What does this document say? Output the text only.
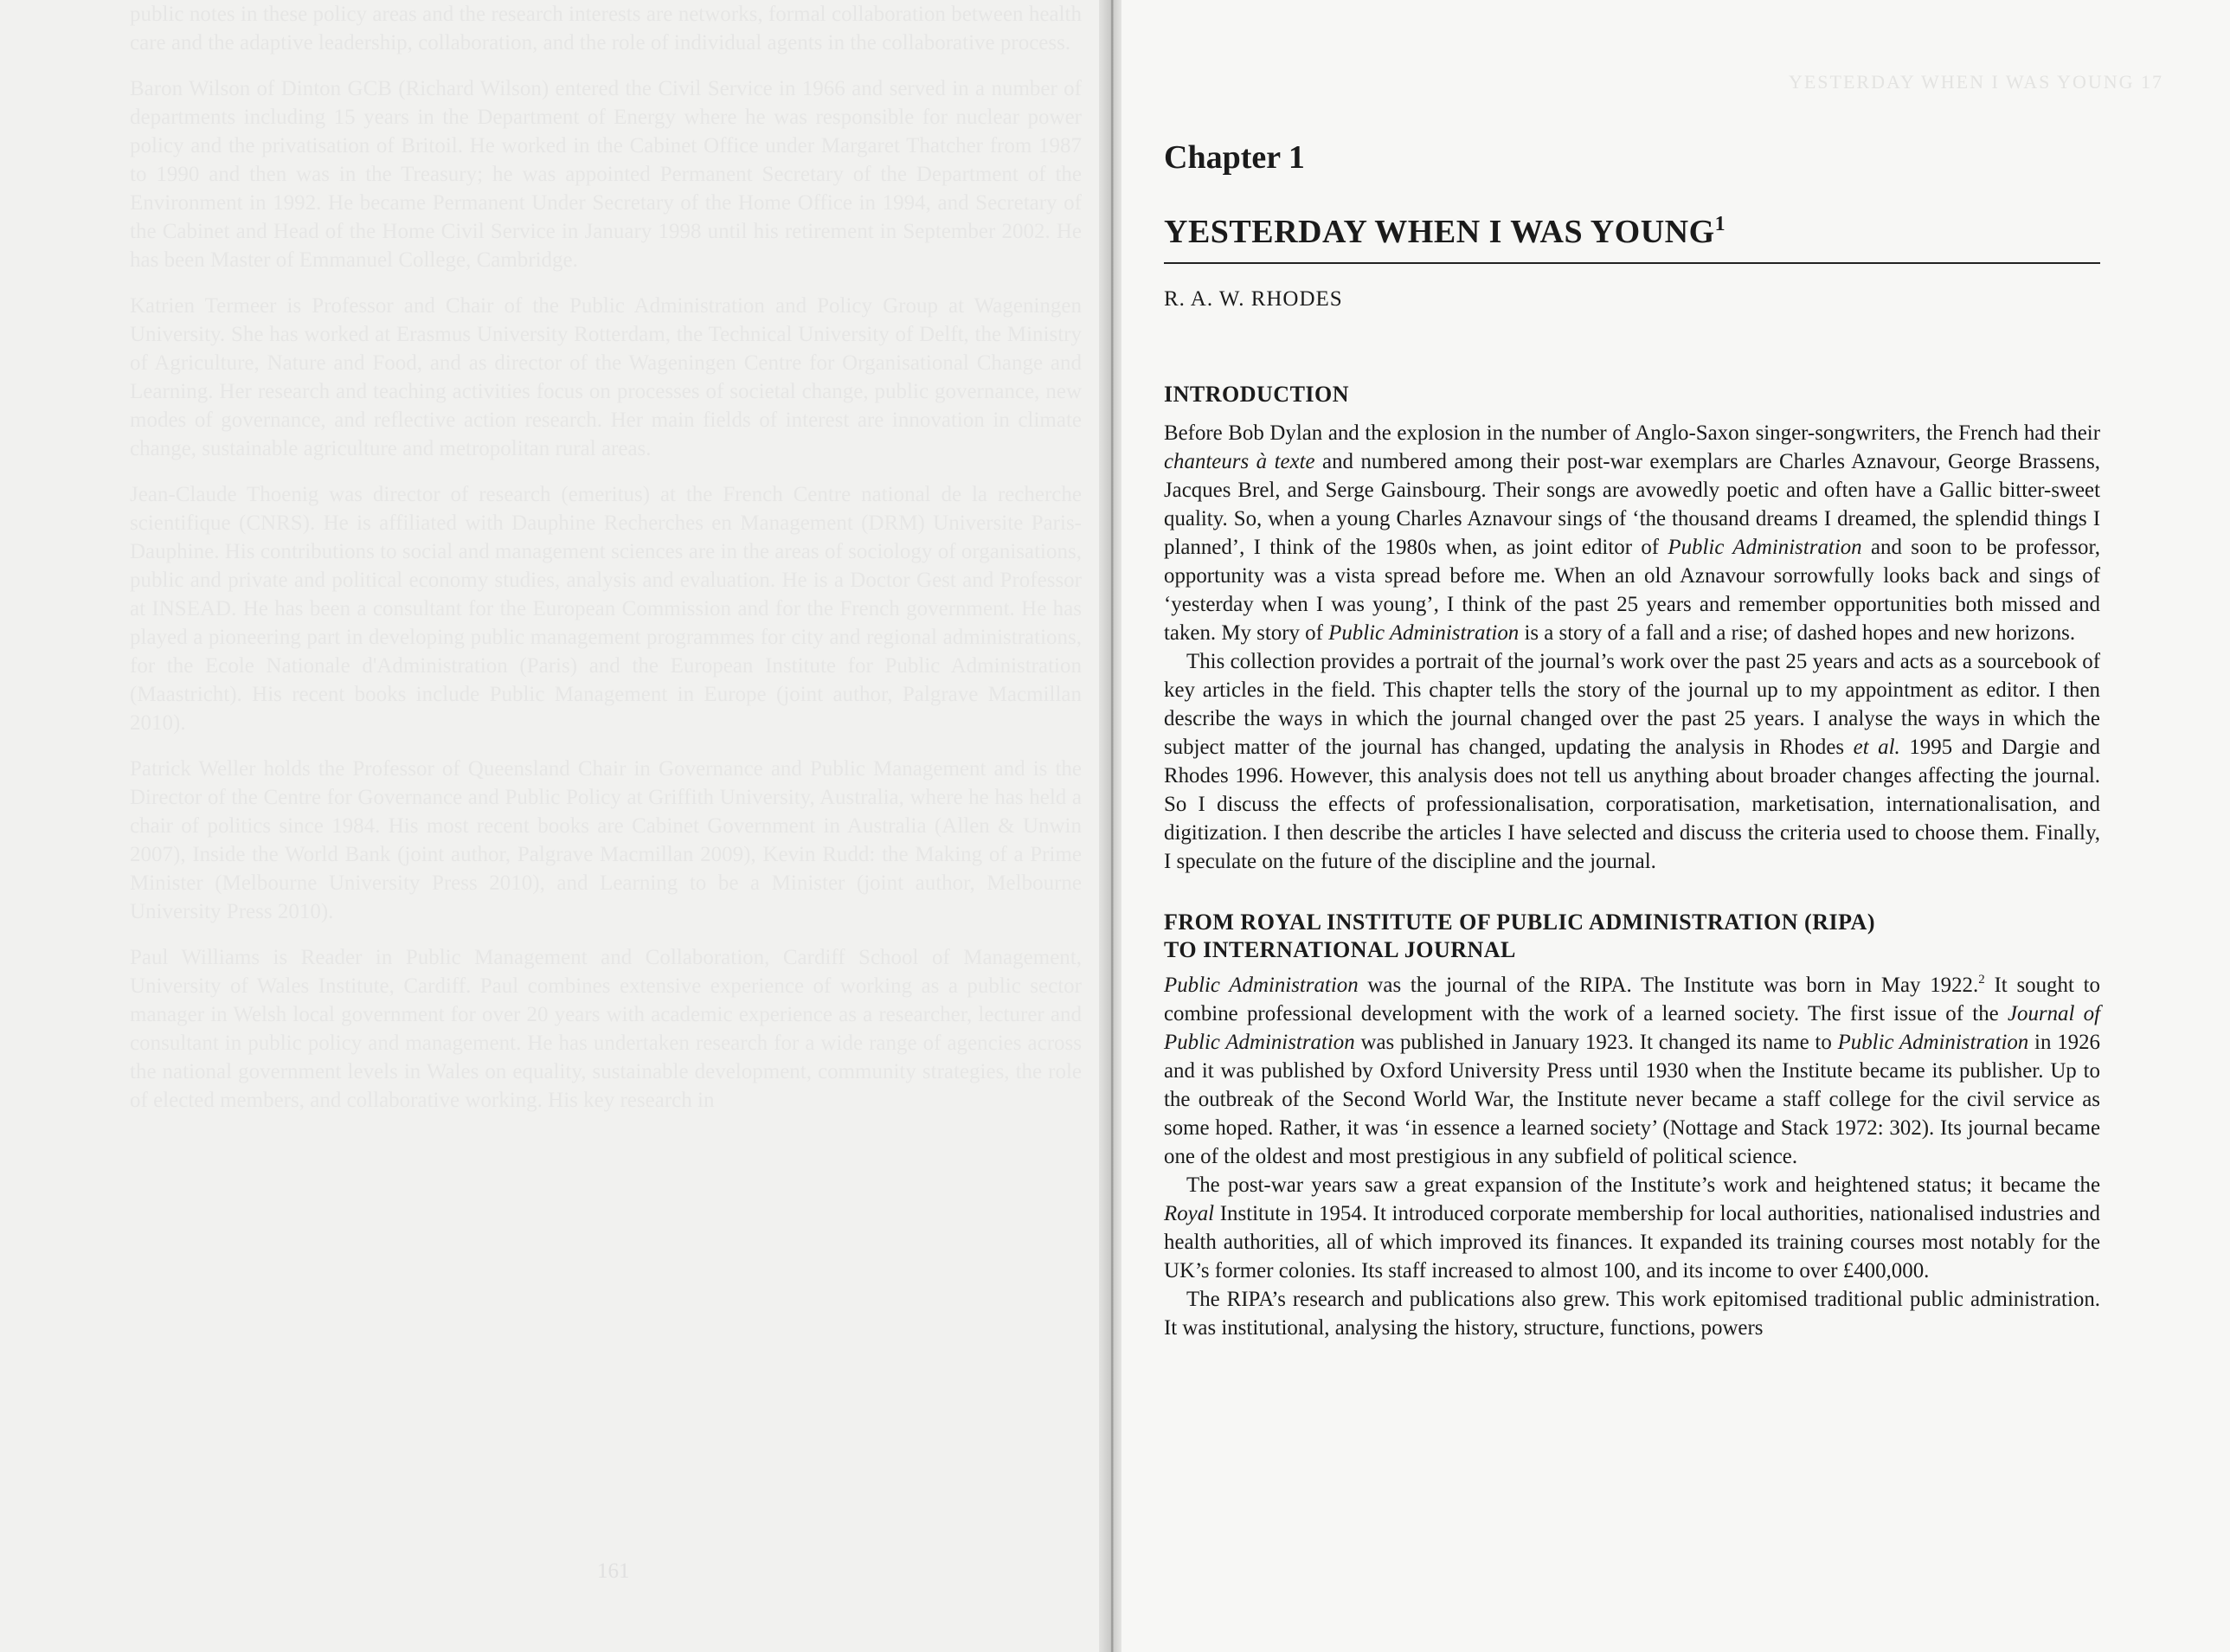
public notes in these policy areas and the research interests are networks, formal collaboration between health care and the adaptive leadership, collaboration, and the role of individual agents in the collaborative process.

Baron Wilson of Dinton GCB (Richard Wilson) entered the Civil Service in 1966 and served in a number of departments including 15 years in the Department of Energy where he was responsible for nuclear power policy and the privatisation of Britoil. He worked in the Cabinet Office under Margaret Thatcher from 1987 to 1990 and then was in the Treasury; he was appointed Permanent Secretary of the Department of the Environment in 1992. He became Permanent Under Secretary of the Home Office in 1994, and Secretary of the Cabinet and Head of the Home Civil Service in January 1998 until his retirement in September 2002. He has been Master of Emmanuel College, Cambridge.

Katrien Termeer is Professor and Chair of the Public Administration and Policy Group at Wageningen University. She has worked at Erasmus University Rotterdam, the Technical University of Delft, the Ministry of Agriculture, Nature and Food, and as director of the Wageningen Centre for Organisational Change and Learning. Her research and teaching activities focus on processes of societal change, public governance, new modes of governance, and reflective action research. Her main fields of interest are innovation in climate change, sustainable agriculture and metropolitan rural areas.

Jean-Claude Thoenig was director of research (emeritus) at the French Centre national de la recherche scientifique (CNRS). He is affiliated with Dauphine Recherches en Management (DRM) Universite Paris-Dauphine. His contributions to social and management sciences are in the areas of sociology of organisations, public and private and political economy studies, analysis and evaluation. He is a Doctor Gest and Professor at INSEAD. He has been a consultant for the European Commission and for the French government. He has played a pioneering part in developing public management programmes for city and regional administrations, for the Ecole Nationale d'Administration (Paris) and the European Institute for Public Administration (Maastricht). His recent books include Public Management in Europe (joint author, Palgrave Macmillan 2010).

Patrick Weller holds the Professor of Queensland Chair in Governance and Public Management and is the Director of the Centre for Governance and Public Policy at Griffith University, Australia, where he has held a chair of politics since 1984. His most recent books are Cabinet Government in Australia (Allen & Unwin 2007), Inside the World Bank (joint author, Palgrave Macmillan 2009), Kevin Rudd: the Making of a Prime Minister (Melbourne University Press 2010), and Learning to be a Minister (joint author, Melbourne University Press 2010).

Paul Williams is Reader in Public Management and Collaboration, Cardiff School of Management, University of Wales Institute, Cardiff. Paul combines extensive experience of working as a public sector manager in Welsh local government for over 20 years with academic experience as a researcher, lecturer and consultant in public policy and management. He has undertaken research for a wide range of agencies across the national government levels in Wales on equality, sustainable development, community strategies, the role of elected members, and collaborative working. His key research in

161
YESTERDAY WHEN I WAS YOUNG 17
Chapter 1
YESTERDAY WHEN I WAS YOUNG$^1$
R. A. W. RHODES
INTRODUCTION

Before Bob Dylan and the explosion in the number of Anglo-Saxon singer-songwriters, the French had their chanteurs à texte and numbered among their post-war exemplars are Charles Aznavour, George Brassens, Jacques Brel, and Serge Gainsbourg. Their songs are avowedly poetic and often have a Gallic bitter-sweet quality. So, when a young Charles Aznavour sings of ‘the thousand dreams I dreamed, the splendid things I planned’, I think of the 1980s when, as joint editor of Public Administration and soon to be professor, opportunity was a vista spread before me. When an old Aznavour sorrowfully looks back and sings of ‘yesterday when I was young’, I think of the past 25 years and remember opportunities both missed and taken. My story of Public Administration is a story of a fall and a rise; of dashed hopes and new horizons.

This collection provides a portrait of the journal’s work over the past 25 years and acts as a sourcebook of key articles in the field. This chapter tells the story of the journal up to my appointment as editor. I then describe the ways in which the journal changed over the past 25 years. I analyse the ways in which the subject matter of the journal has changed, updating the analysis in Rhodes et al. 1995 and Dargie and Rhodes 1996. However, this analysis does not tell us anything about broader changes affecting the journal. So I discuss the effects of professionalisation, corporatisation, marketisation, internationalisation, and digitization. I then describe the articles I have selected and discuss the criteria used to choose them. Finally, I speculate on the future of the discipline and the journal.

FROM ROYAL INSTITUTE OF PUBLIC ADMINISTRATION (RIPA)
TO INTERNATIONAL JOURNAL

Public Administration was the journal of the RIPA. The Institute was born in May 1922.$^2$ It sought to combine professional development with the work of a learned society. The first issue of the Journal of Public Administration was published in January 1923. It changed its name to Public Administration in 1926 and it was published by Oxford University Press until 1930 when the Institute became its publisher. Up to the outbreak of the Second World War, the Institute never became a staff college for the civil service as some hoped. Rather, it was ‘in essence a learned society’ (Nottage and Stack 1972: 302). Its journal became one of the oldest and most prestigious in any subfield of political science.

The post-war years saw a great expansion of the Institute’s work and heightened status; it became the Royal Institute in 1954. It introduced corporate membership for local authorities, nationalised industries and health authorities, all of which improved its finances. It expanded its training courses most notably for the UK’s former colonies. Its staff increased to almost 100, and its income to over £400,000.

The RIPA’s research and publications also grew. This work epitomised traditional public administration. It was institutional, analysing the history, structure, functions, powers
